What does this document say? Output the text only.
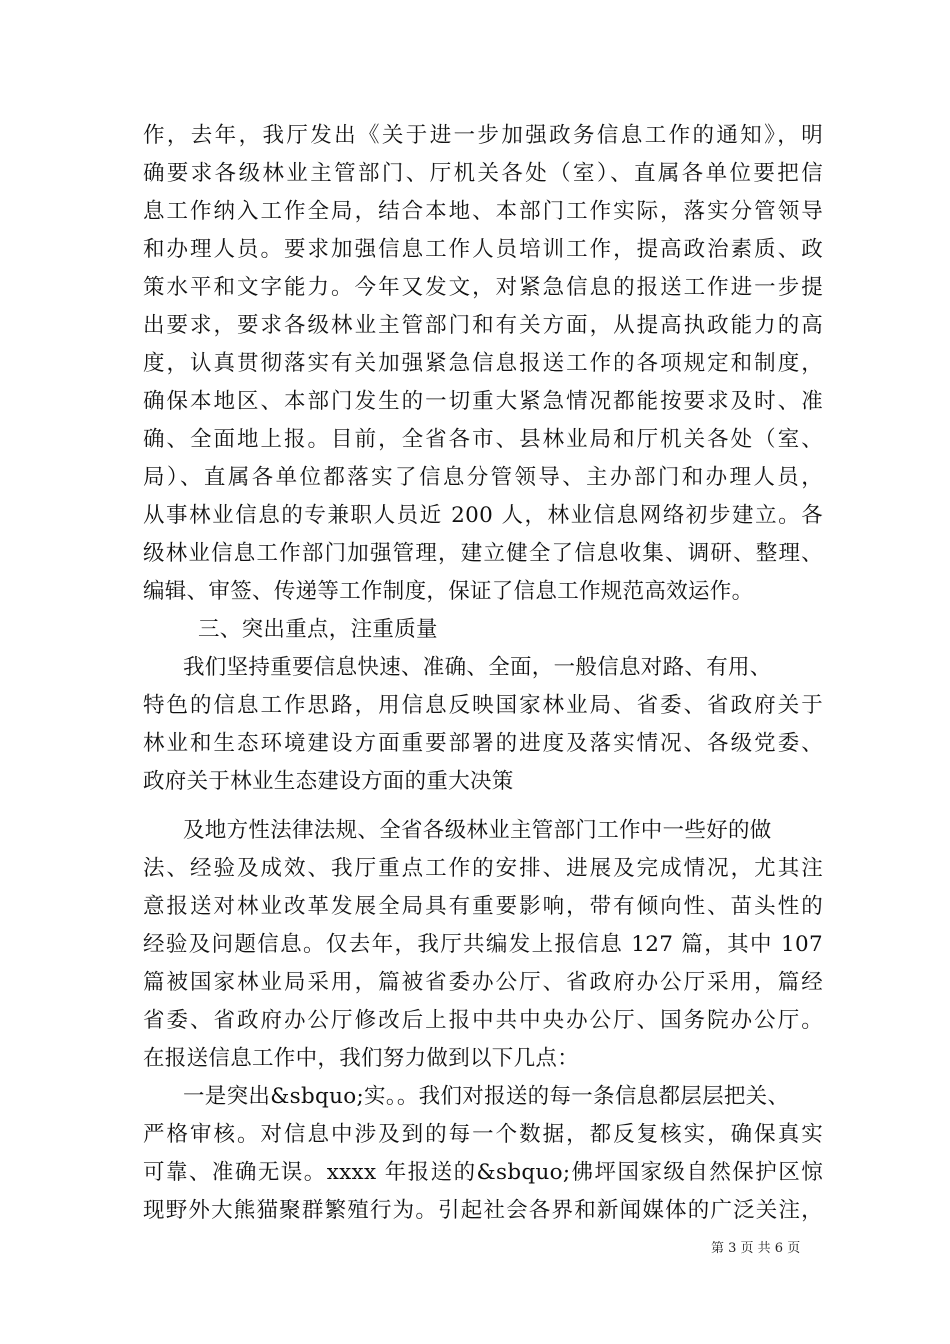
作，去年，我厅发出《关于进一步加强政务信息工作的通知》，明
确要求各级林业主管部门、厅机关各处（室）、直属各单位要把信
息工作纳入工作全局，结合本地、本部门工作实际，落实分管领导
和办理人员。要求加强信息工作人员培训工作，提高政治素质、政
策水平和文字能力。今年又发文，对紧急信息的报送工作进一步提
出要求，要求各级林业主管部门和有关方面，从提高执政能力的高
度，认真贯彻落实有关加强紧急信息报送工作的各项规定和制度，
确保本地区、本部门发生的一切重大紧急情况都能按要求及时、准
确、全面地上报。目前，全省各市、县林业局和厅机关各处（室、
局）、直属各单位都落实了信息分管领导、主办部门和办理人员，
从事林业信息的专兼职人员近 200 人，林业信息网络初步建立。各
级林业信息工作部门加强管理，建立健全了信息收集、调研、整理、
编辑、审签、传递等工作制度，保证了信息工作规范高效运作。
三、突出重点，注重质量
我们坚持重要信息快速、准确、全面，一般信息对路、有用、
特色的信息工作思路，用信息反映国家林业局、省委、省政府关于
林业和生态环境建设方面重要部署的进度及落实情况、各级党委、
政府关于林业生态建设方面的重大决策
及地方性法律法规、全省各级林业主管部门工作中一些好的做
法、经验及成效、我厅重点工作的安排、进展及完成情况，尤其注
意报送对林业改革发展全局具有重要影响，带有倾向性、苗头性的
经验及问题信息。仅去年，我厅共编发上报信息 127 篇，其中 107
篇被国家林业局采用，篇被省委办公厅、省政府办公厅采用，篇经
省委、省政府办公厅修改后上报中共中央办公厅、国务院办公厅。
在报送信息工作中，我们努力做到以下几点：
一是突出&sbquo;实。。我们对报送的每一条信息都层层把关、
严格审核。对信息中涉及到的每一个数据，都反复核实，确保真实
可靠、准确无误。xxxx 年报送的&sbquo;佛坪国家级自然保护区惊
现野外大熊猫聚群繁殖行为。引起社会各界和新闻媒体的广泛关注，
第 3 页 共 6 页
